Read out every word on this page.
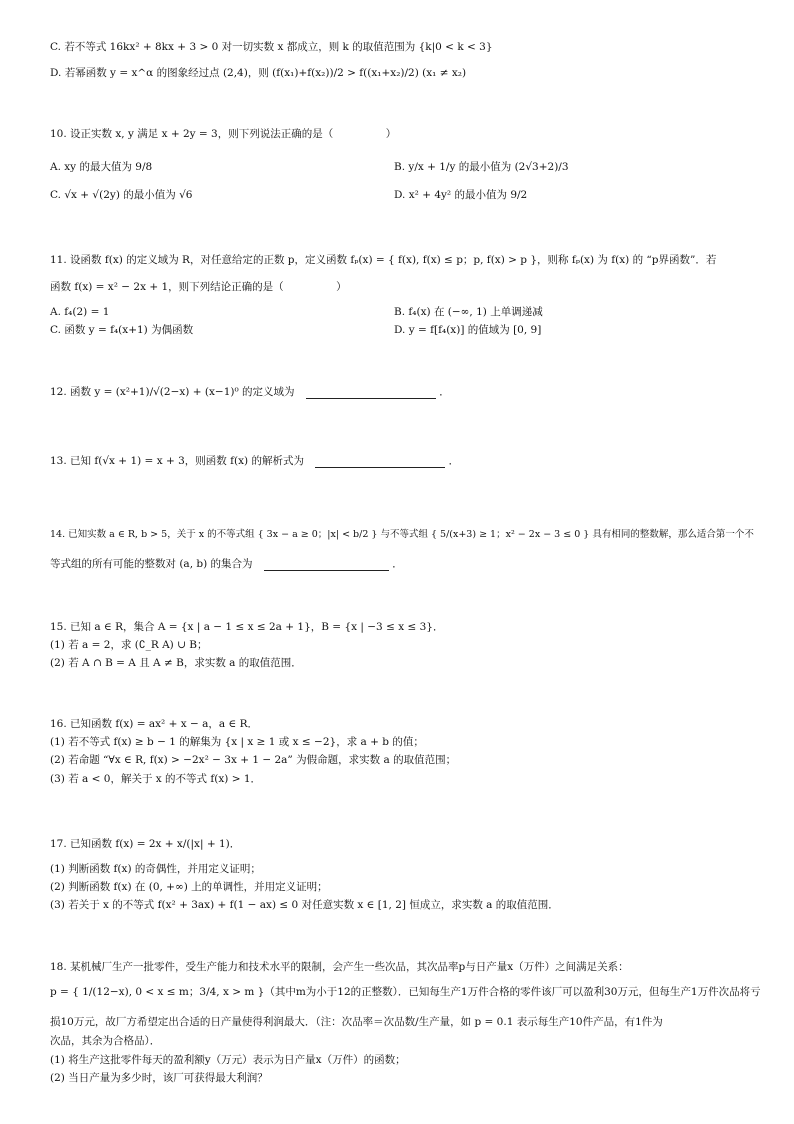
C. 若不等式 16kx² + 8kx + 3 > 0 对一切实数 x 都成立，则 k 的取值范围为 {k|0 < k < 3}
D. 若幂函数 y = x^α 的图象经过点 (2,4)，则 (f(x₁)+f(x₂))/2 > f((x₁+x₂)/2) (x₁ ≠ x₂)
10. 设正实数 x, y 满足 x + 2y = 3，则下列说法正确的是（　　　　　）
A. xy 的最大值为 9/8	B. y/x + 1/y 的最小值为 (2√3+2)/3
C. √x + √(2y) 的最小值为 √6	D. x² + 4y² 的最小值为 9/2
11. 设函数 f(x) 的定义域为 R，对任意给定的正数 p，定义函数 fₚ(x) = { f(x), f(x) ≤ p；p, f(x) > p }，则称 fₚ(x) 为 f(x) 的 “p界函数”．若
函数 f(x) = x² − 2x + 1，则下列结论正确的是（　　　　　）
A. f₄(2) = 1	B. f₄(x) 在 (−∞, 1) 上单调递减
C. 函数 y = f₄(x+1) 为偶函数	D. y = f[f₄(x)] 的值域为 [0, 9]
12. 函数 y = (x²+1)/√(2−x) + (x−1)⁰ 的定义域为	．
13. 已知 f(√x + 1) = x + 3，则函数 f(x) 的解析式为	．
14. 已知实数 a ∈ R, b > 5，关于 x 的不等式组 { 3x − a ≥ 0；|x| < b/2 } 与不等式组 { 5/(x+3) ≥ 1；x² − 2x − 3 ≤ 0 } 具有相同的整数解，那么适合第一个不
等式组的所有可能的整数对 (a, b) 的集合为	．
15. 已知 a ∈ R，集合 A = {x | a − 1 ≤ x ≤ 2a + 1}，B = {x | −3 ≤ x ≤ 3}．
(1) 若 a = 2，求 (∁_R A) ∪ B；
(2) 若 A ∩ B = A 且 A ≠ B，求实数 a 的取值范围．
16. 已知函数 f(x) = ax² + x − a，a ∈ R．
(1) 若不等式 f(x) ≥ b − 1 的解集为 {x | x ≥ 1 或 x ≤ −2}，求 a + b 的值；
(2) 若命题 “∀x ∈ R, f(x) > −2x² − 3x + 1 − 2a” 为假命题，求实数 a 的取值范围；
(3) 若 a < 0，解关于 x 的不等式 f(x) > 1．
17. 已知函数 f(x) = 2x + x/(|x| + 1)．
(1) 判断函数 f(x) 的奇偶性，并用定义证明；
(2) 判断函数 f(x) 在 (0, +∞) 上的单调性，并用定义证明；
(3) 若关于 x 的不等式 f(x² + 3ax) + f(1 − ax) ≤ 0 对任意实数 x ∈ [1, 2] 恒成立，求实数 a 的取值范围．
18. 某机械厂生产一批零件，受生产能力和技术水平的限制，会产生一些次品，其次品率p与日产量x（万件）之间满足关系：
p = { 1/(12−x), 0 < x ≤ m；3/4, x > m }（其中m为小于12的正整数）．已知每生产1万件合格的零件该厂可以盈利30万元，但每生产1万件次品将亏
损10万元，故厂方希望定出合适的日产量使得利润最大．（注：次品率＝次品数/生产量，如 p = 0.1 表示每生产10件产品，有1件为
次品，其余为合格品）．
(1) 将生产这批零件每天的盈利额y（万元）表示为日产量x（万件）的函数；
(2) 当日产量为多少时，该厂可获得最大利润？
